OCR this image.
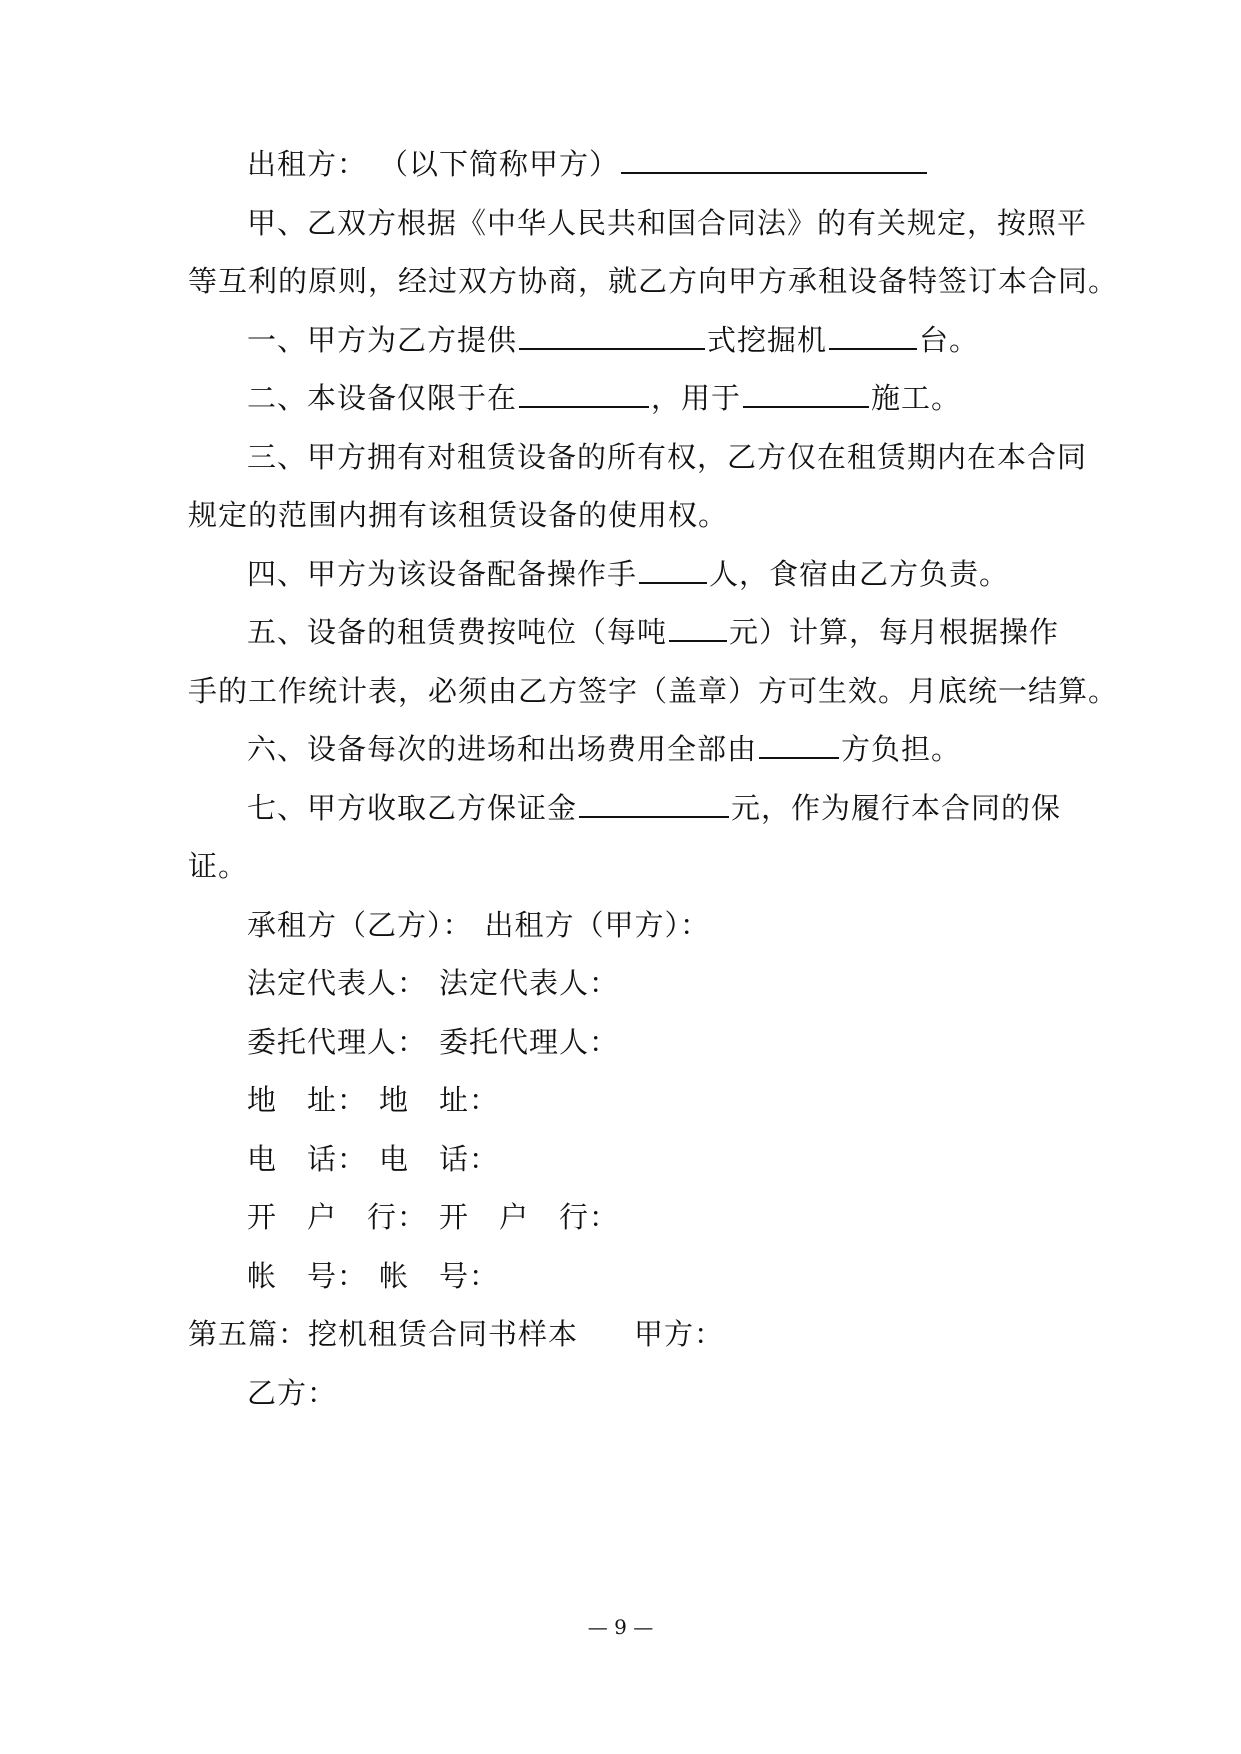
出租方： （以下简称甲方）
甲、乙双方根据《中华人民共和国合同法》的有关规定，按照平
等互利的原则，经过双方协商，就乙方向甲方承租设备特签订本合同。
一、甲方为乙方提供	式挖掘机	台。
二、本设备仅限于在	，用于	施工。
三、甲方拥有对租赁设备的所有权，乙方仅在租赁期内在本合同
规定的范围内拥有该租赁设备的使用权。
四、甲方为该设备配备操作手 人，食宿由乙方负责。
五、设备的租赁费按吨位（每吨 元）计算，每月根据操作
手的工作统计表，必须由乙方签字（盖章）方可生效。月底统一结算。
六、设备每次的进场和出场费用全部由	方负担。
七、甲方收取乙方保证金	元，作为履行本合同的保
证。
承租方（乙方）： 出租方（甲方）：
法定代表人： 法定代表人：
委托代理人： 委托代理人：
地　址： 地　址：
电　话： 电　话：
开　户　行： 开　户　行：
帐　号： 帐　号：
第五篇：挖机租赁合同书样本 甲方：
乙方：
— 9 —
